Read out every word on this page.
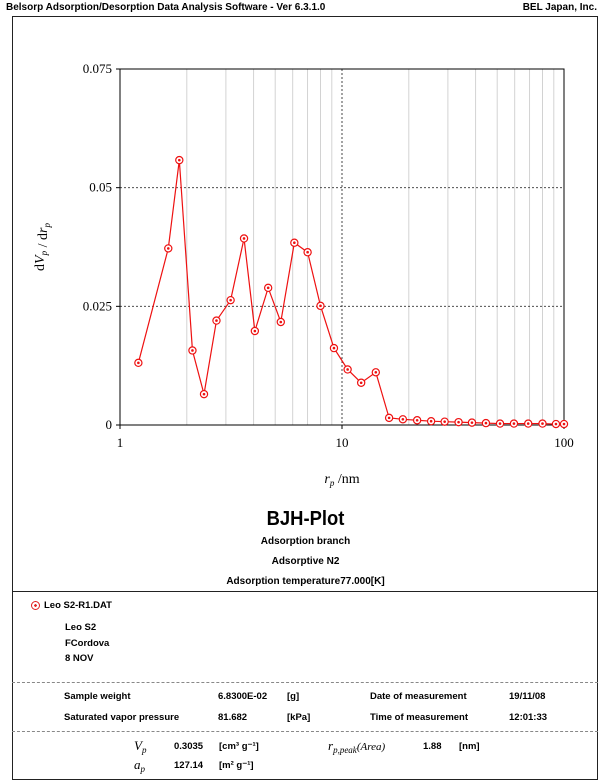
Belsorp Adsorption/Desorption Data Analysis Software - Ver 6.3.1.0	BEL Japan, Inc.
0
0.025
0.05
0.075
1	10	100
$r_p$ /nm
$dV_p / dr_p$
BJH-Plot
Adsorption branch
Adsorptive N2
Adsorption temperature77.000[K]
Leo S2-R1.DAT
Leo S2
FCordova
8 NOV
Sample weight	6.8300E-02 [g]	Date of measurement	19/11/08
Saturated vapor pressure	81.682	[kPa]	Time of measurement	12:01:33
$V_p$	0.3035 [cm³ g⁻¹]
$a_p$	127.14 [m² g⁻¹]
$r_{p,peak}(Area)$	1.88 [nm]
